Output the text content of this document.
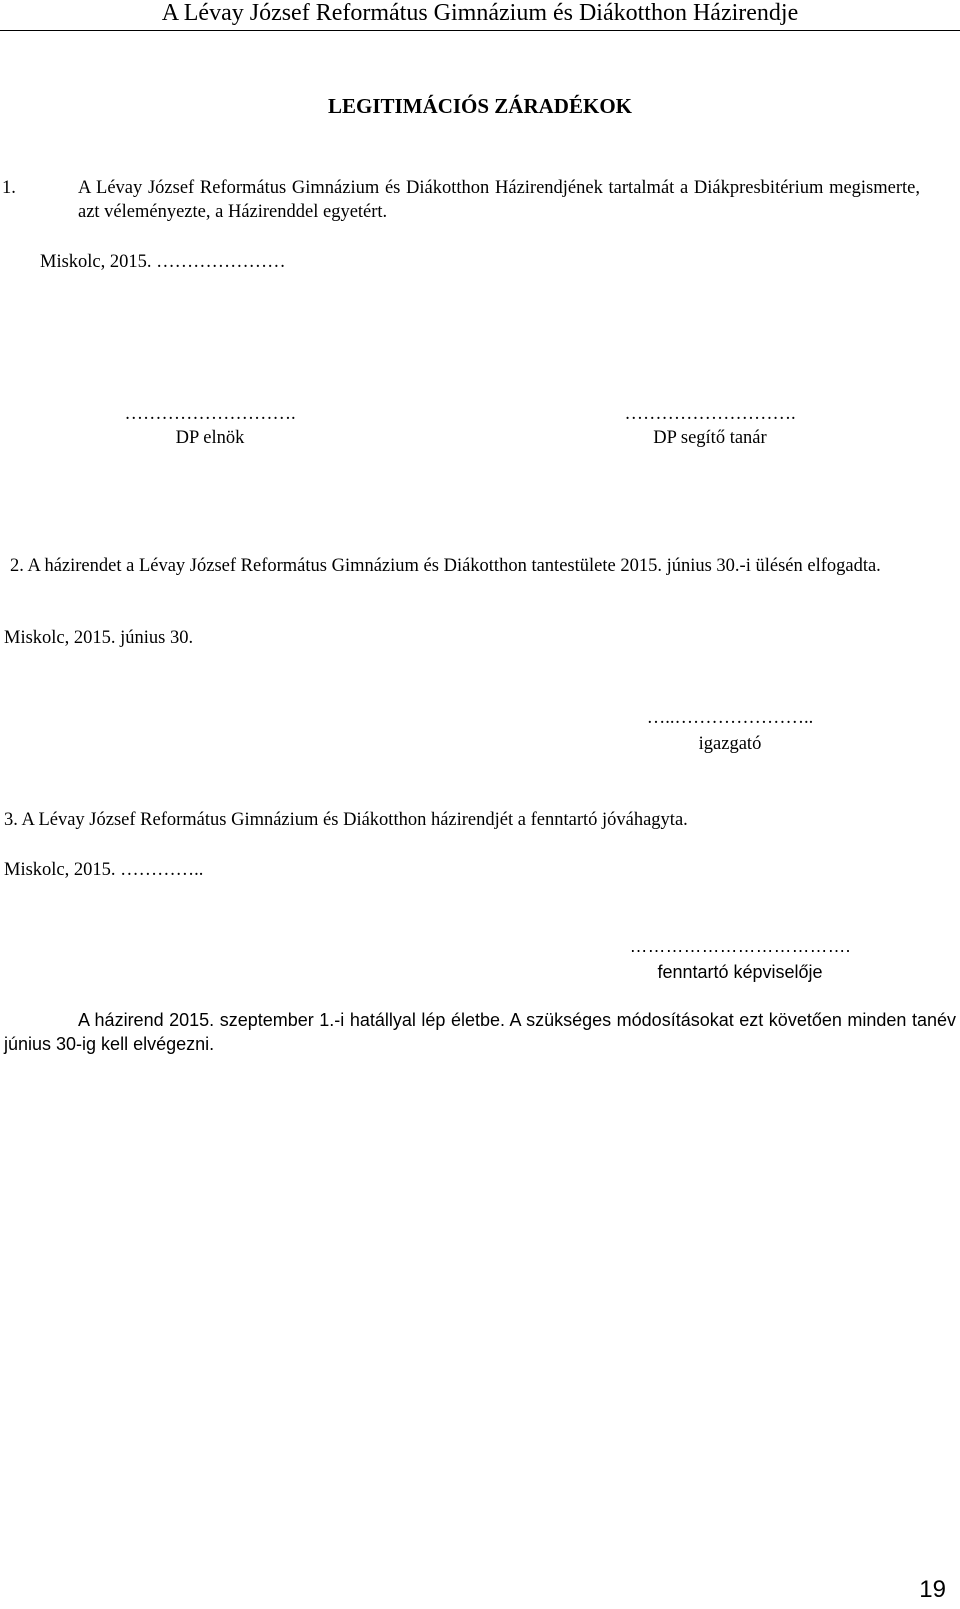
A Lévay József Református Gimnázium és Diákotthon Házirendje
LEGITIMÁCIÓS ZÁRADÉKOK
1.	A Lévay József Református Gimnázium és Diákotthon Házirendjének tartalmát a Diákpresbitérium megismerte, azt véleményezte, a Házirenddel egyetért.
Miskolc, 2015. …………………
……………………….
DP elnök
……………………….
DP segítő tanár
2. A házirendet a Lévay József Református Gimnázium és Diákotthon tantestülete 2015. június 30.-i ülésén elfogadta.
Miskolc, 2015. június 30.
…..…………………..
igazgató
3. A Lévay József Református Gimnázium és Diákotthon házirendjét a fenntartó jóváhagyta.
Miskolc, 2015. …………..
……………………………….
fenntartó képviselője
A házirend 2015. szeptember 1.-i hatállyal lép életbe. A szükséges módosításokat ezt követően minden tanév június 30-ig kell elvégezni.
19
